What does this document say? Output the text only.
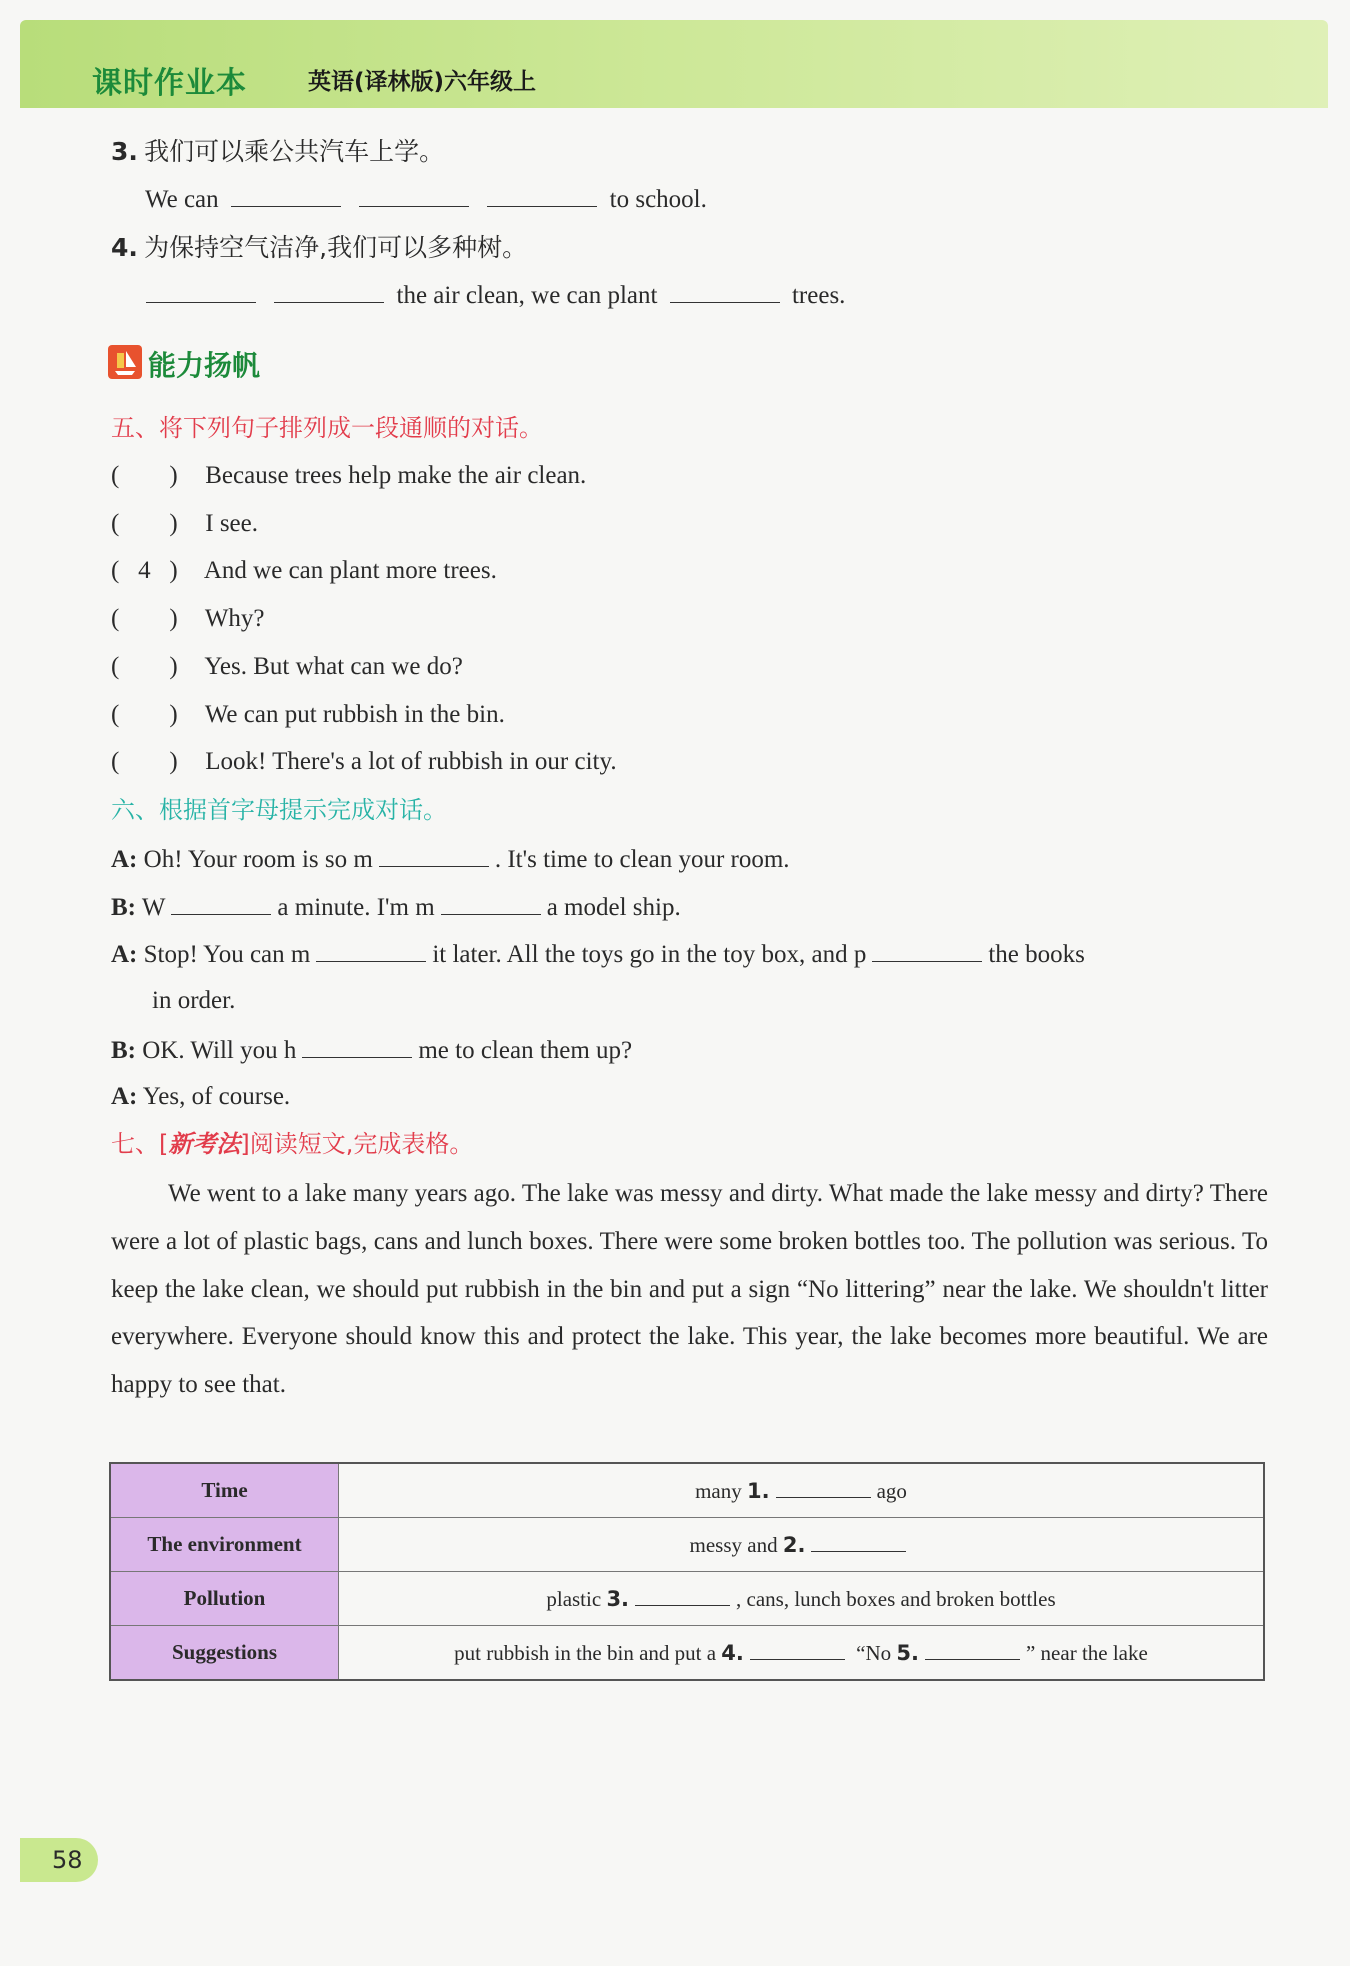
课时作业本	英语(译林版)六年级上
3. 我们可以乘公共汽车上学。
We can	to school.
4. 为保持空气洁净,我们可以多种树。
the air clean, we can plant	trees.
能力扬帆
五、将下列句子排列成一段通顺的对话。
( ) Because trees help make the air clean.
( ) I see.
( 4 ) And we can plant more trees.
( ) Why?
( ) Yes. But what can we do?
( ) We can put rubbish in the bin.
( ) Look! There's a lot of rubbish in our city.
六、根据首字母提示完成对话。
A: Oh! Your room is so m	. It's time to clean your room.
B: W	a minute. I'm m	a model ship.
A: Stop! You can m	it later. All the toys go in the toy box, and p	the books
in order.
B: OK. Will you h	me to clean them up?
A: Yes, of course.
七、[新考法]阅读短文,完成表格。
We went to a lake many years ago. The lake was messy and dirty. What made the lake messy and dirty? There were a lot of plastic bags, cans and lunch boxes. There were some broken bottles too. The pollution was serious. To keep the lake clean, we should put rubbish in the bin and put a sign “No littering” near the lake. We shouldn't litter everywhere. Everyone should know this and protect the lake. This year, the lake becomes more beautiful. We are happy to see that.
Time	many 1. ago
The environment	messy and 2.
Pollution	plastic 3. , cans, lunch boxes and broken bottles
Suggestions	put rubbish in the bin and put a 4. “No 5. ” near the lake
58
